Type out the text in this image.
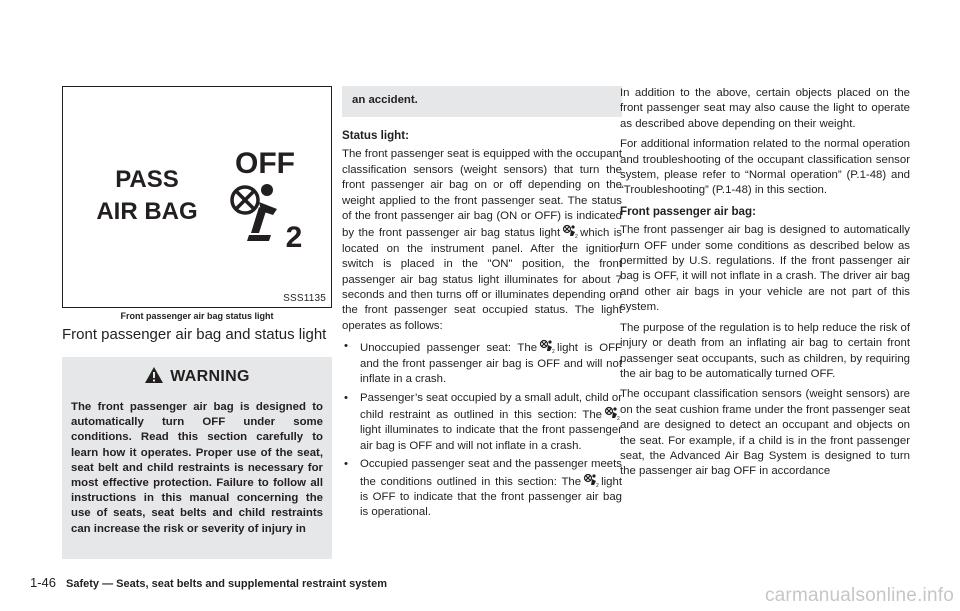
PASS
AIR BAG
OFF
2
SSS1135
Front passenger air bag status light
Front passenger air bag and status light
WARNING
The front passenger air bag is designed to automatically turn OFF under some conditions. Read this section carefully to learn how it operates. Proper use of the seat, seat belt and child restraints is necessary for most effective protection. Failure to follow all instructions in this manual concerning the use of seats, seat belts and child restraints can increase the risk or severity of injury in
an accident.
Status light:

The front passenger seat is equipped with the occupant classification sensors (weight sensors) that turn the front passenger air bag on or off depending on the weight applied to the front passenger seat. The status of the front passenger air bag (ON or OFF) is indicated by the front passenger air bag status light	2 which is located on the instrument panel. After the ignition switch is placed in the "ON" position, the front passenger air bag status light illuminates for about 7 seconds and then turns off or illuminates depending on the front passenger seat occupied status. The light operates as follows:

• Unoccupied passenger seat: The	2 light is OFF and the front passenger air bag is OFF and will not inflate in a crash.
• Passenger’s seat occupied by a small adult, child or child restraint as outlined in this section: The	2
light illuminates to indicate that the front passenger air bag is OFF and will not inflate in a crash.
• Occupied passenger seat and the passenger meets the conditions outlined in this section: The	2 light is OFF to indicate that the front passenger air bag is operational.

In addition to the above, certain objects placed on the front passenger seat may also cause the light to operate as described above depending on their weight.

For additional information related to the normal operation and troubleshooting of the occupant classification sensor system, please refer to “Normal operation” (P.1-48) and “Troubleshooting” (P.1-48) in this section.

Front passenger air bag:

The front passenger air bag is designed to automatically turn OFF under some conditions as described below as permitted by U.S. regulations. If the front passenger air bag is OFF, it will not inflate in a crash. The driver air bag and other air bags in your vehicle are not part of this system.

The purpose of the regulation is to help reduce the risk of injury or death from an inflating air bag to certain front passenger seat occupants, such as children, by requiring the air bag to be automatically turned OFF.

The occupant classification sensors (weight sensors) are on the seat cushion frame under the front passenger seat and are designed to detect an occupant and objects on the seat. For example, if a child is in the front passenger seat, the Advanced Air Bag System is designed to turn the passenger air bag OFF in accordance

1-46 Safety — Seats, seat belts and supplemental restraint system
carmanualsonline.info
